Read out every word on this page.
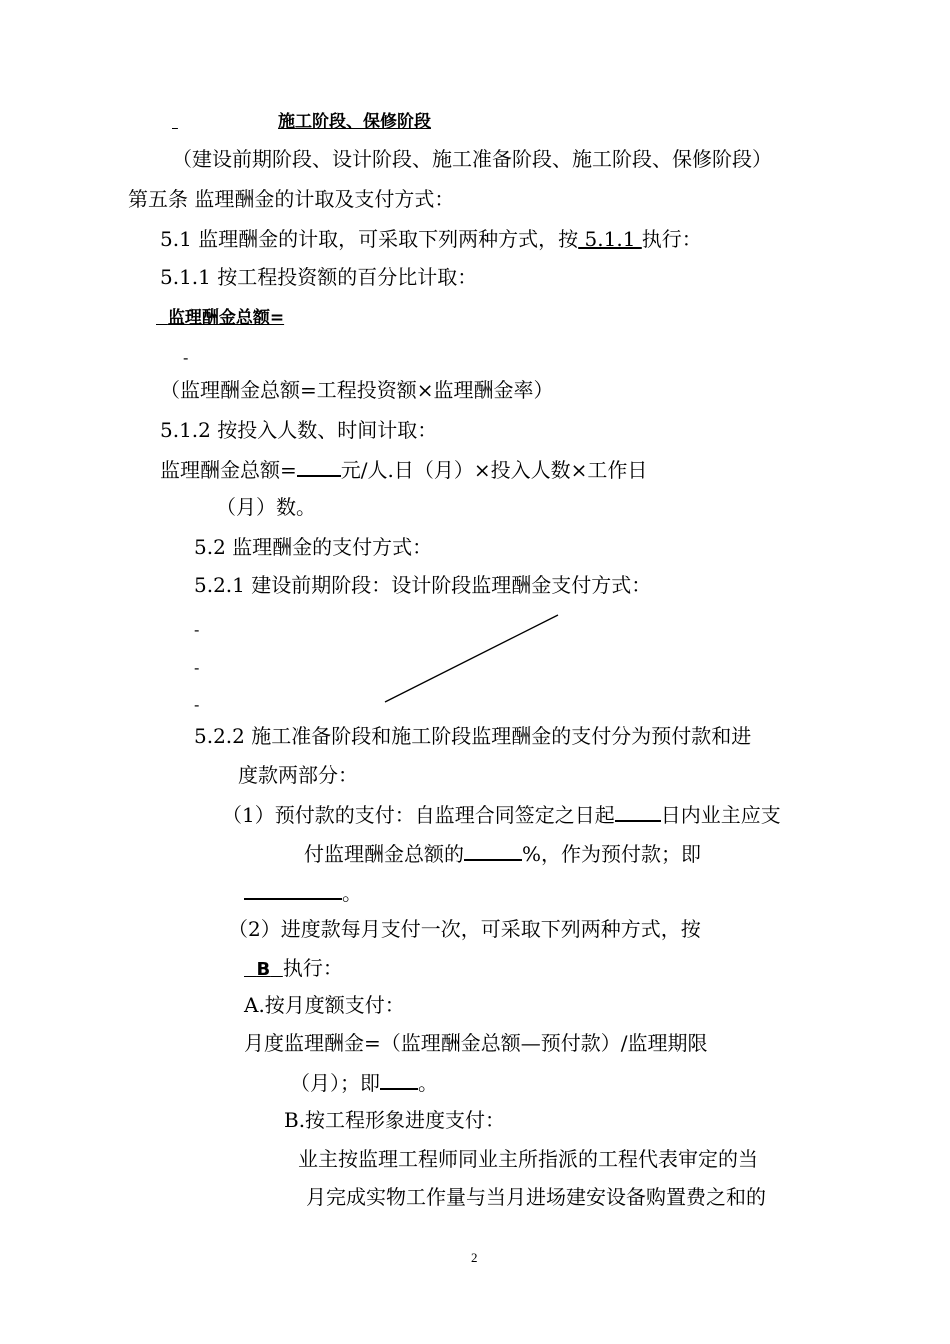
施工阶段、保修阶段
（建设前期阶段、设计阶段、施工准备阶段、施工阶段、保修阶段）
第五条 监理酬金的计取及支付方式：
5.1 监理酬金的计取，可采取下列两种方式，按 5.1.1 执行：
5.1.1 按工程投资额的百分比计取：
监理酬金总额=
-
（监理酬金总额=工程投资额×监理酬金率）
5.1.2 按投入人数、时间计取：
监理酬金总额= 元/人.日（月）×投入人数×工作日
（月）数。
5.2 监理酬金的支付方式：
5.2.1 建设前期阶段：设计阶段监理酬金支付方式：
-
-
-
5.2.2 施工准备阶段和施工阶段监理酬金的支付分为预付款和进
度款两部分：
（1）预付款的支付：自监理合同签定之日起 日内业主应支
付监理酬金总额的	%，作为预付款；即
。
（2）进度款每月支付一次，可采取下列两种方式，按
B 执行：
A.按月度额支付：
月度监理酬金=（监理酬金总额—预付款）/监理期限
（月）；即 。
B.按工程形象进度支付：
业主按监理工程师同业主所指派的工程代表审定的当
月完成实物工作量与当月进场建安设备购置费之和的
2
